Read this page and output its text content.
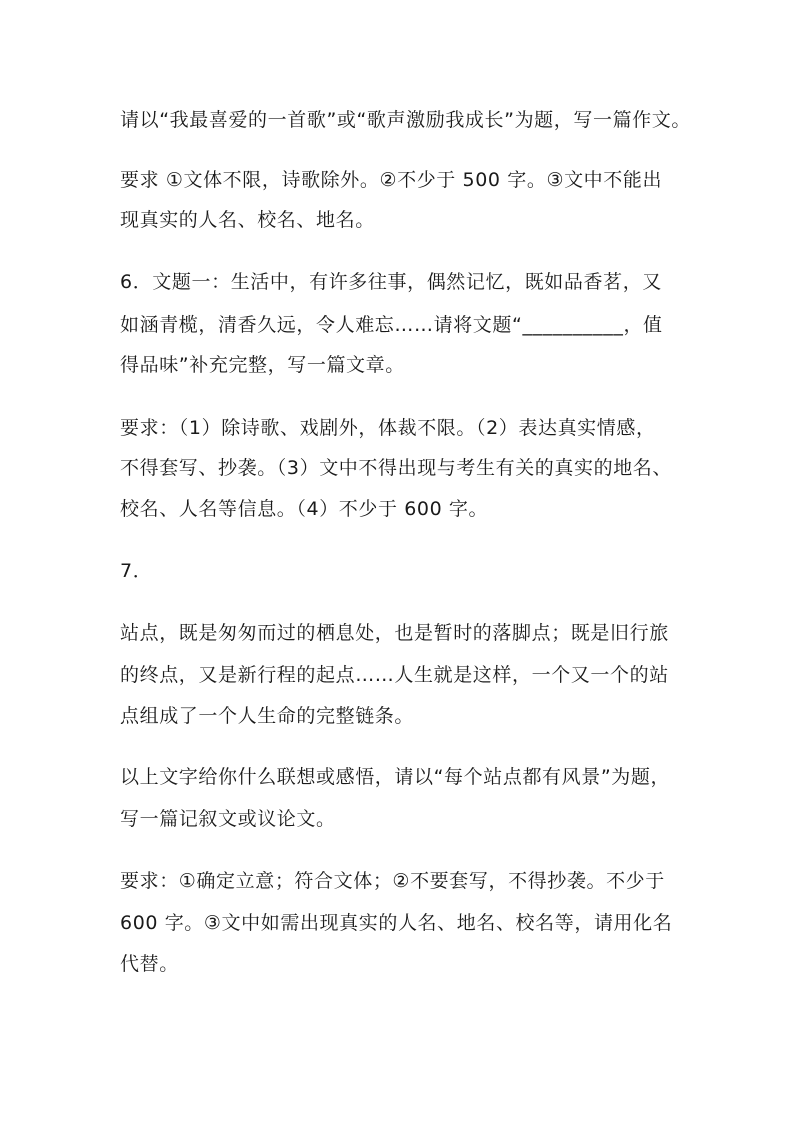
请以“我最喜爱的一首歌”或“歌声激励我成长”为题，写一篇作文。
要求 ①文体不限，诗歌除外。②不少于 500 字。③文中不能出
现真实的人名、校名、地名。
6．文题一：生活中，有许多往事，偶然记忆，既如品香茗，又
如涵青榄，清香久远，令人难忘……请将文题“__________，值
得品味”补充完整，写一篇文章。
要求：（1）除诗歌、戏剧外，体裁不限。（2）表达真实情感，
不得套写、抄袭。（3）文中不得出现与考生有关的真实的地名、
校名、人名等信息。（4）不少于 600 字。
7．
站点，既是匆匆而过的栖息处，也是暂时的落脚点；既是旧行旅
的终点，又是新行程的起点……人生就是这样，一个又一个的站
点组成了一个人生命的完整链条。
以上文字给你什么联想或感悟，请以“每个站点都有风景”为题，
写一篇记叙文或议论文。
要求：①确定立意；符合文体；②不要套写，不得抄袭。不少于
600 字。③文中如需出现真实的人名、地名、校名等，请用化名
代替。
